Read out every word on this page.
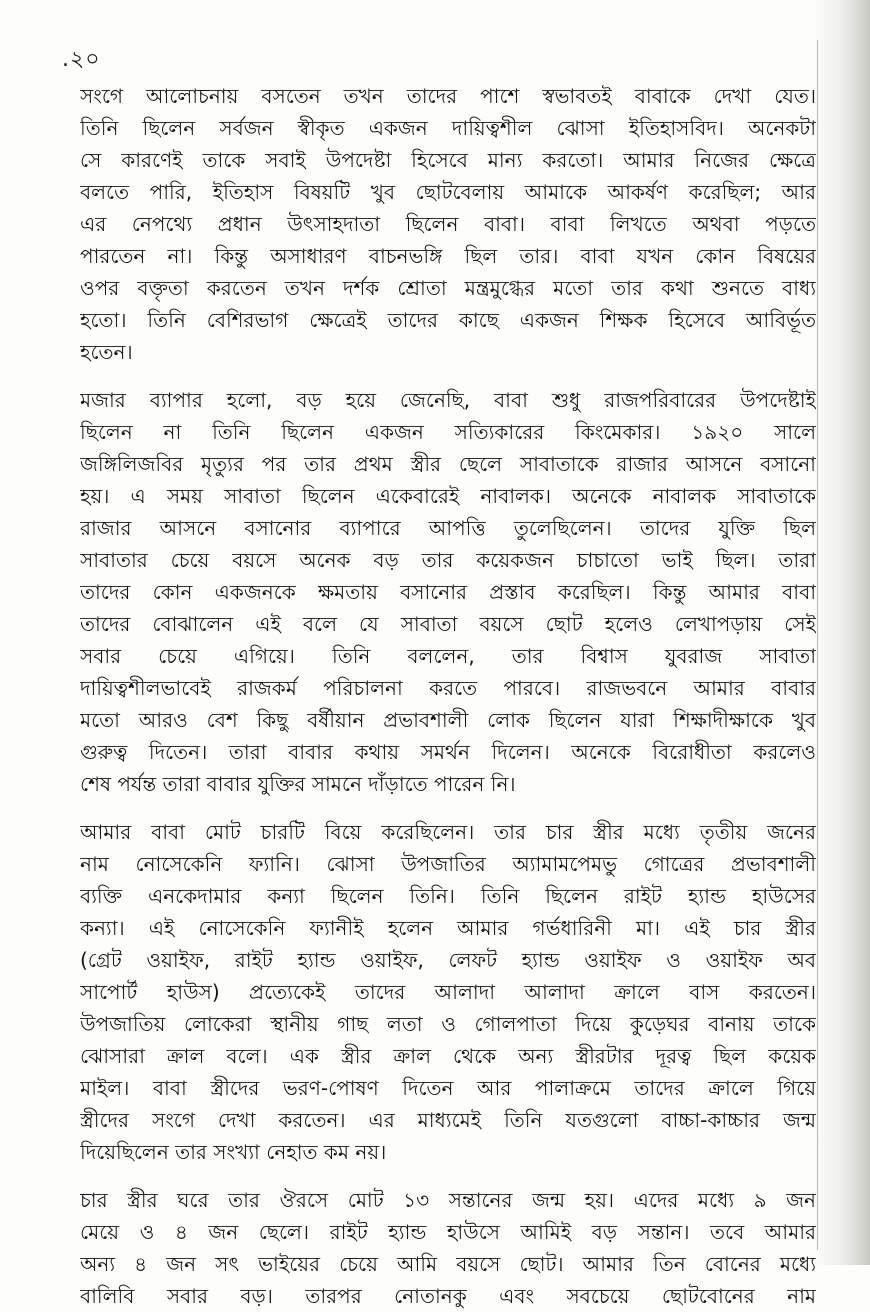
.২০

সংগে আলোচনায় বসতেন তখন তাদের পাশে স্বভাবতই বাবাকে দেখা যেত।
তিনি ছিলেন সর্বজন স্বীকৃত একজন দায়িত্বশীল ঝোসা ইতিহাসবিদ। অনেকটা
সে কারণেই তাকে সবাই উপদেষ্টা হিসেবে মান্য করতো। আমার নিজের ক্ষেত্রে
বলতে পারি, ইতিহাস বিষয়টি খুব ছোটবেলায় আমাকে আকর্ষণ করেছিল; আর
এর নেপথ্যে প্রধান উৎসাহদাতা ছিলেন বাবা। বাবা লিখতে অথবা পড়তে
পারতেন না। কিন্তু অসাধারণ বাচনভঙ্গি ছিল তার। বাবা যখন কোন বিষয়ের
ওপর বক্তৃতা করতেন তখন দর্শক শ্রোতা মন্ত্রমুগ্ধের মতো তার কথা শুনতে বাধ্য
হতো। তিনি বেশিরভাগ ক্ষেত্রেই তাদের কাছে একজন শিক্ষক হিসেবে আবির্ভূত
হতেন।

মজার ব্যাপার হলো, বড় হয়ে জেনেছি, বাবা শুধু রাজপরিবারের উপদেষ্টাই
ছিলেন না তিনি ছিলেন একজন সত্যিকারের কিংমেকার। ১৯২০ সালে
জঙ্গিলিজবির মৃত্যুর পর তার প্রথম স্ত্রীর ছেলে সাবাতাকে রাজার আসনে বসানো
হয়। এ সময় সাবাতা ছিলেন একেবারেই নাবালক। অনেকে নাবালক সাবাতাকে
রাজার আসনে বসানোর ব্যাপারে আপত্তি তুলেছিলেন। তাদের যুক্তি ছিল
সাবাতার চেয়ে বয়সে অনেক বড় তার কয়েকজন চাচাতো ভাই ছিল। তারা
তাদের কোন একজনকে ক্ষমতায় বসানোর প্রস্তাব করেছিল। কিন্তু আমার বাবা
তাদের বোঝালেন এই বলে যে সাবাতা বয়সে ছোট হলেও লেখাপড়ায় সেই
সবার চেয়ে এগিয়ে। তিনি বললেন, তার বিশ্বাস যুবরাজ সাবাতা
দায়িত্বশীলভাবেই রাজকর্ম পরিচালনা করতে পারবে। রাজভবনে আমার বাবার
মতো আরও বেশ কিছু বর্ষীয়ান প্রভাবশালী লোক ছিলেন যারা শিক্ষাদীক্ষাকে খুব
গুরুত্ব দিতেন। তারা বাবার কথায় সমর্থন দিলেন। অনেকে বিরোধীতা করলেও
শেষ পর্যন্ত তারা বাবার যুক্তির সামনে দাঁড়াতে পারেন নি।

আমার বাবা মোট চারটি বিয়ে করেছিলেন। তার চার স্ত্রীর মধ্যে তৃতীয় জনের
নাম নোসেকেনি ফ্যানি। ঝোসা উপজাতির অ্যামামপেমভু গোত্রের প্রভাবশালী
ব্যক্তি এনকেদামার কন্যা ছিলেন তিনি। তিনি ছিলেন রাইট হ্যান্ড হাউসের
কন্যা। এই নোসেকেনি ফ্যানীই হলেন আমার গর্ভধারিনী মা। এই চার স্ত্রীর
(গ্রেট ওয়াইফ, রাইট হ্যান্ড ওয়াইফ, লেফট হ্যান্ড ওয়াইফ ও ওয়াইফ অব
সাপোর্ট হাউস) প্রত্যেকেই তাদের আলাদা আলাদা ক্রালে বাস করতেন।
উপজাতিয় লোকেরা স্থানীয় গাছ লতা ও গোলপাতা দিয়ে কুড়েঘর বানায় তাকে
ঝোসারা ক্রাল বলে। এক স্ত্রীর ক্রাল থেকে অন্য স্ত্রীরটার দূরত্ব ছিল কয়েক
মাইল। বাবা স্ত্রীদের ভরণ-পোষণ দিতেন আর পালাক্রমে তাদের ক্রালে গিয়ে
স্ত্রীদের সংগে দেখা করতেন। এর মাধ্যমেই তিনি যতগুলো বাচ্চা-কাচ্চার জন্ম
দিয়েছিলেন তার সংখ্যা নেহাত কম নয়।

চার স্ত্রীর ঘরে তার ঔরসে মোট ১৩ সন্তানের জন্ম হয়। এদের মধ্যে ৯ জন
মেয়ে ও ৪ জন ছেলে। রাইট হ্যান্ড হাউসে আমিই বড় সন্তান। তবে আমার
অন্য ৪ জন সৎ ভাইয়ের চেয়ে আমি বয়সে ছোট। আমার তিন বোনের মধ্যে
বালিবি সবার বড়। তারপর নোতানকু এবং সবচেয়ে ছোটবোনের নাম
